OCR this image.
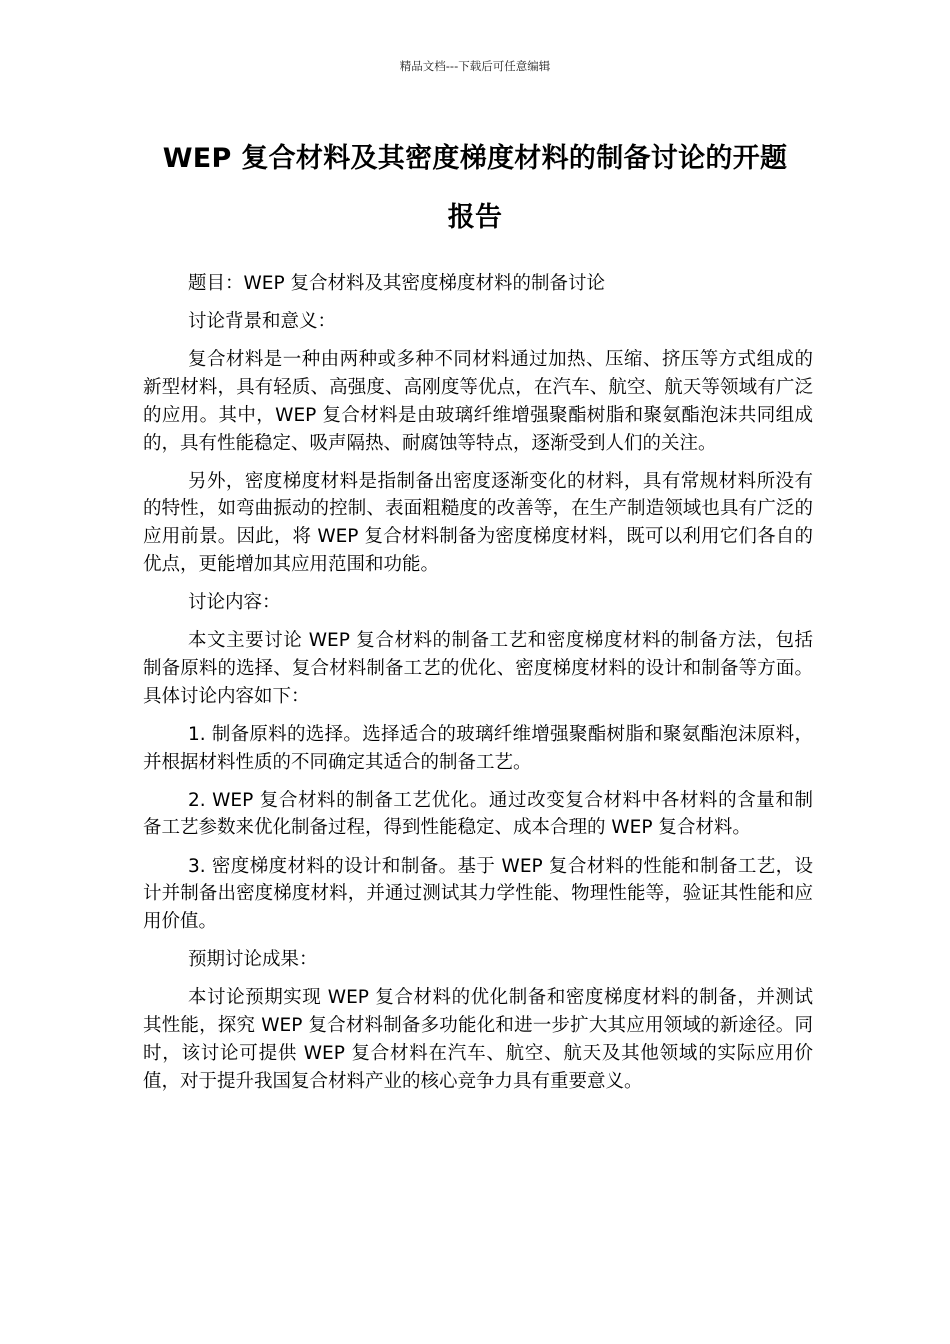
精品文档---下载后可任意编辑
WEP 复合材料及其密度梯度材料的制备讨论的开题
报告

题目：WEP 复合材料及其密度梯度材料的制备讨论

讨论背景和意义：

复合材料是一种由两种或多种不同材料通过加热、压缩、挤压等方式组成的新型材料，具有轻质、高强度、高刚度等优点，在汽车、航空、航天等领域有广泛的应用。其中，WEP 复合材料是由玻璃纤维增强聚酯树脂和聚氨酯泡沫共同组成的，具有性能稳定、吸声隔热、耐腐蚀等特点，逐渐受到人们的关注。

另外，密度梯度材料是指制备出密度逐渐变化的材料，具有常规材料所没有的特性，如弯曲振动的控制、表面粗糙度的改善等，在生产制造领域也具有广泛的应用前景。因此，将 WEP 复合材料制备为密度梯度材料，既可以利用它们各自的优点，更能增加其应用范围和功能。

讨论内容：

本文主要讨论 WEP 复合材料的制备工艺和密度梯度材料的制备方法，包括制备原料的选择、复合材料制备工艺的优化、密度梯度材料的设计和制备等方面。具体讨论内容如下：

1. 制备原料的选择。选择适合的玻璃纤维增强聚酯树脂和聚氨酯泡沫原料，并根据材料性质的不同确定其适合的制备工艺。

2. WEP 复合材料的制备工艺优化。通过改变复合材料中各材料的含量和制备工艺参数来优化制备过程，得到性能稳定、成本合理的 WEP 复合材料。

3. 密度梯度材料的设计和制备。基于 WEP 复合材料的性能和制备工艺，设计并制备出密度梯度材料，并通过测试其力学性能、物理性能等，验证其性能和应用价值。

预期讨论成果：

本讨论预期实现 WEP 复合材料的优化制备和密度梯度材料的制备，并测试其性能，探究 WEP 复合材料制备多功能化和进一步扩大其应用领域的新途径。同时，该讨论可提供 WEP 复合材料在汽车、航空、航天及其他领域的实际应用价值，对于提升我国复合材料产业的核心竞争力具有重要意义。
